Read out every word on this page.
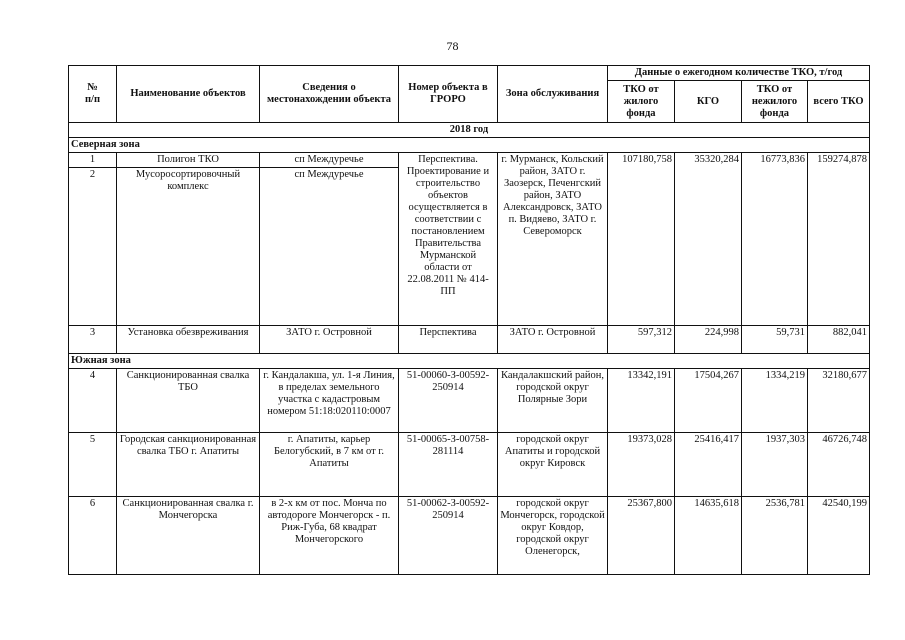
78
№
п/п	Наименование объектов	Сведения о местонахождении объекта	Номер объекта в ГРОРО	Зона обслуживания	Данные о ежегодном количестве ТКО, т/год			
					ТКО от жилого фонда	КГО	ТКО от нежилого фонда	всего ТКО
2018 год								
Северная зона								
1	Полигон ТКО	сп Междуречье	Перспектива. Проектирование и строительство объектов осуществляется в соответствии с постановлением Правительства Мурманской области от 22.08.2011 № 414-ПП	г. Мурманск, Кольский район, ЗАТО г. Заозерск, Печенгский район, ЗАТО Александровск, ЗАТО п. Видяево, ЗАТО г. Североморск	107180,758	35320,284	16773,836	159274,878
2	Мусоросортировочный комплекс	сп Междуречье						
3	Установка обезвреживания	ЗАТО г. Островной	Перспектива	ЗАТО г. Островной	597,312	224,998	59,731	882,041
Южная зона								
4	Санкционированная свалка ТБО	г. Кандалакша, ул. 1-я Линия, в пределах земельного участка с кадастровым номером 51:18:020110:0007	51-00060-З-00592-250914	Кандалакшский район, городской округ Полярные Зори	13342,191	17504,267	1334,219	32180,677
5	Городская санкционированная свалка ТБО г. Апатиты	г. Апатиты, карьер Белогубский, в 7 км от г. Апатиты	51-00065-З-00758-281114	городской округ Апатиты и городской округ Кировск	19373,028	25416,417	1937,303	46726,748
6	Санкционированная свалка г. Мончегорска	в 2-х км от пос. Монча по автодороге Мончегорск - п. Риж-Губа, 68 квадрат Мончегорского	51-00062-З-00592-250914	городской округ Мончегорск, городской округ Ковдор, городской округ Оленегорск,	25367,800	14635,618	2536,781	42540,199
